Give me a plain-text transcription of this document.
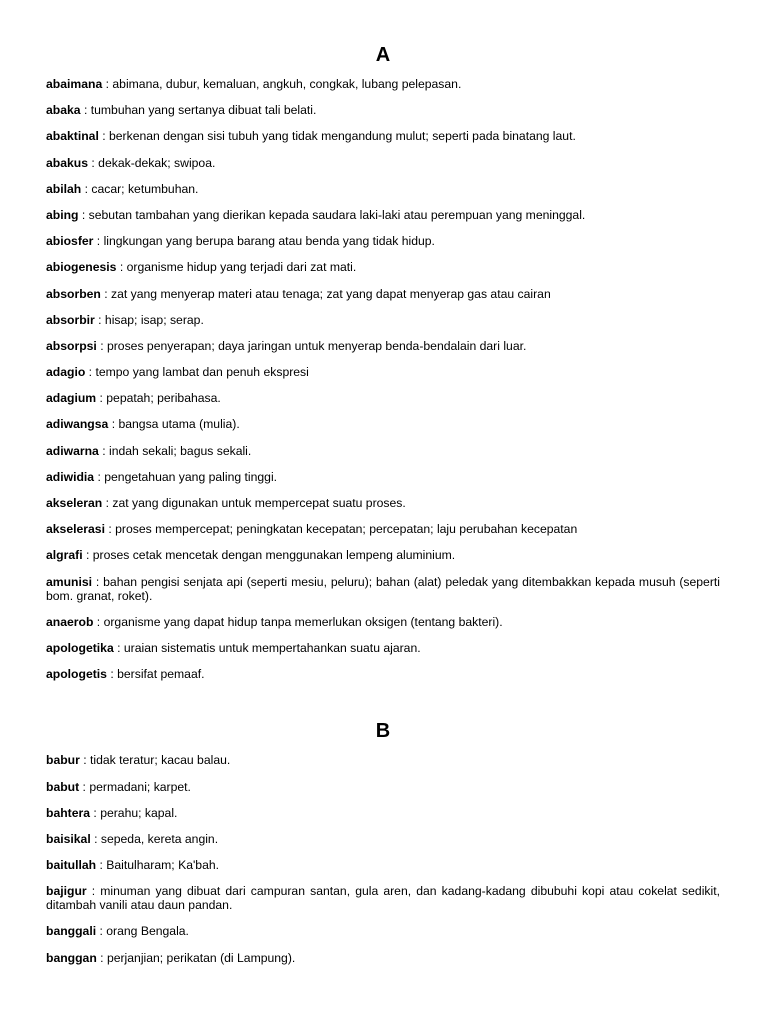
A

abaimana : abimana, dubur, kemaluan, angkuh, congkak, lubang pelepasan.

abaka : tumbuhan yang sertanya dibuat tali belati.

abaktinal : berkenan dengan sisi tubuh yang tidak mengandung mulut; seperti pada binatang laut.

abakus : dekak-dekak; swipoa.

abilah : cacar; ketumbuhan.

abing : sebutan tambahan yang dierikan kepada saudara laki-laki atau perempuan yang meninggal.

abiosfer : lingkungan yang berupa barang atau benda yang tidak hidup.

abiogenesis : organisme hidup yang terjadi dari zat mati.

absorben : zat yang menyerap materi atau tenaga; zat yang dapat menyerap gas atau cairan

absorbir : hisap; isap; serap.

absorpsi : proses penyerapan; daya jaringan untuk menyerap benda-bendalain dari luar.

adagio : tempo yang lambat dan penuh ekspresi

adagium : pepatah; peribahasa.

adiwangsa : bangsa utama (mulia).

adiwarna : indah sekali; bagus sekali.

adiwidia : pengetahuan yang paling tinggi.

akseleran : zat yang digunakan untuk mempercepat suatu proses.

akselerasi : proses mempercepat; peningkatan kecepatan; percepatan; laju perubahan kecepatan

algrafi : proses cetak mencetak dengan menggunakan lempeng aluminium.

amunisi : bahan pengisi senjata api (seperti mesiu, peluru); bahan (alat) peledak yang ditembakkan kepada musuh (seperti bom. granat, roket).

anaerob : organisme yang dapat hidup tanpa memerlukan oksigen (tentang bakteri).

apologetika : uraian sistematis untuk mempertahankan suatu ajaran.

apologetis : bersifat pemaaf.

B

babur : tidak teratur; kacau balau.

babut : permadani; karpet.

bahtera : perahu; kapal.

baisikal : sepeda, kereta angin.

baitullah : Baitulharam; Ka'bah.

bajigur : minuman yang dibuat dari campuran santan, gula aren, dan kadang-kadang dibubuhi kopi atau cokelat sedikit, ditambah vanili atau daun pandan.

banggali : orang Bengala.

banggan : perjanjian; perikatan (di Lampung).
